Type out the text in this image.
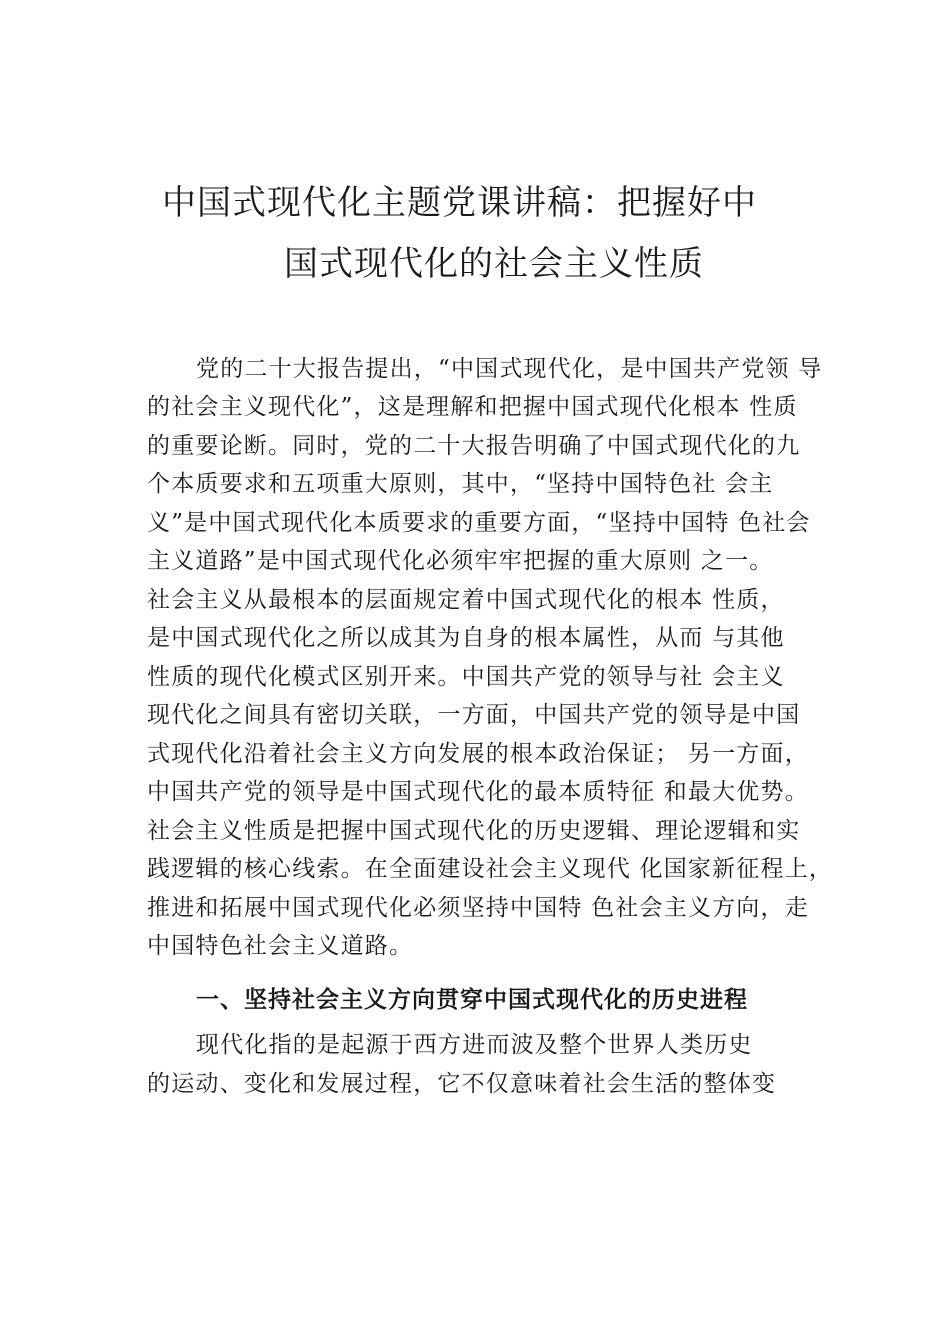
中国式现代化主题党课讲稿：把握好中
国式现代化的社会主义性质
党的二十大报告提出，“中国式现代化，是中国共产党领 导
的社会主义现代化”，这是理解和把握中国式现代化根本 性质
的重要论断。同时，党的二十大报告明确了中国式现代化的九
个本质要求和五项重大原则，其中，“坚持中国特色社 会主
义”是中国式现代化本质要求的重要方面，“坚持中国特 色社会
主义道路”是中国式现代化必须牢牢把握的重大原则 之一。
社会主义从最根本的层面规定着中国式现代化的根本 性质，
是中国式现代化之所以成其为自身的根本属性，从而 与其他
性质的现代化模式区别开来。中国共产党的领导与社 会主义
现代化之间具有密切关联，一方面，中国共产党的领导是中国
式现代化沿着社会主义方向发展的根本政治保证； 另一方面，
中国共产党的领导是中国式现代化的最本质特征 和最大优势。
社会主义性质是把握中国式现代化的历史逻辑、理论逻辑和实
践逻辑的核心线索。在全面建设社会主义现代 化国家新征程上，
推进和拓展中国式现代化必须坚持中国特 色社会主义方向，走
中国特色社会主义道路。
一、坚持社会主义方向贯穿中国式现代化的历史进程
现代化指的是起源于西方进而波及整个世界人类历史
的运动、变化和发展过程，它不仅意味着社会生活的整体变
